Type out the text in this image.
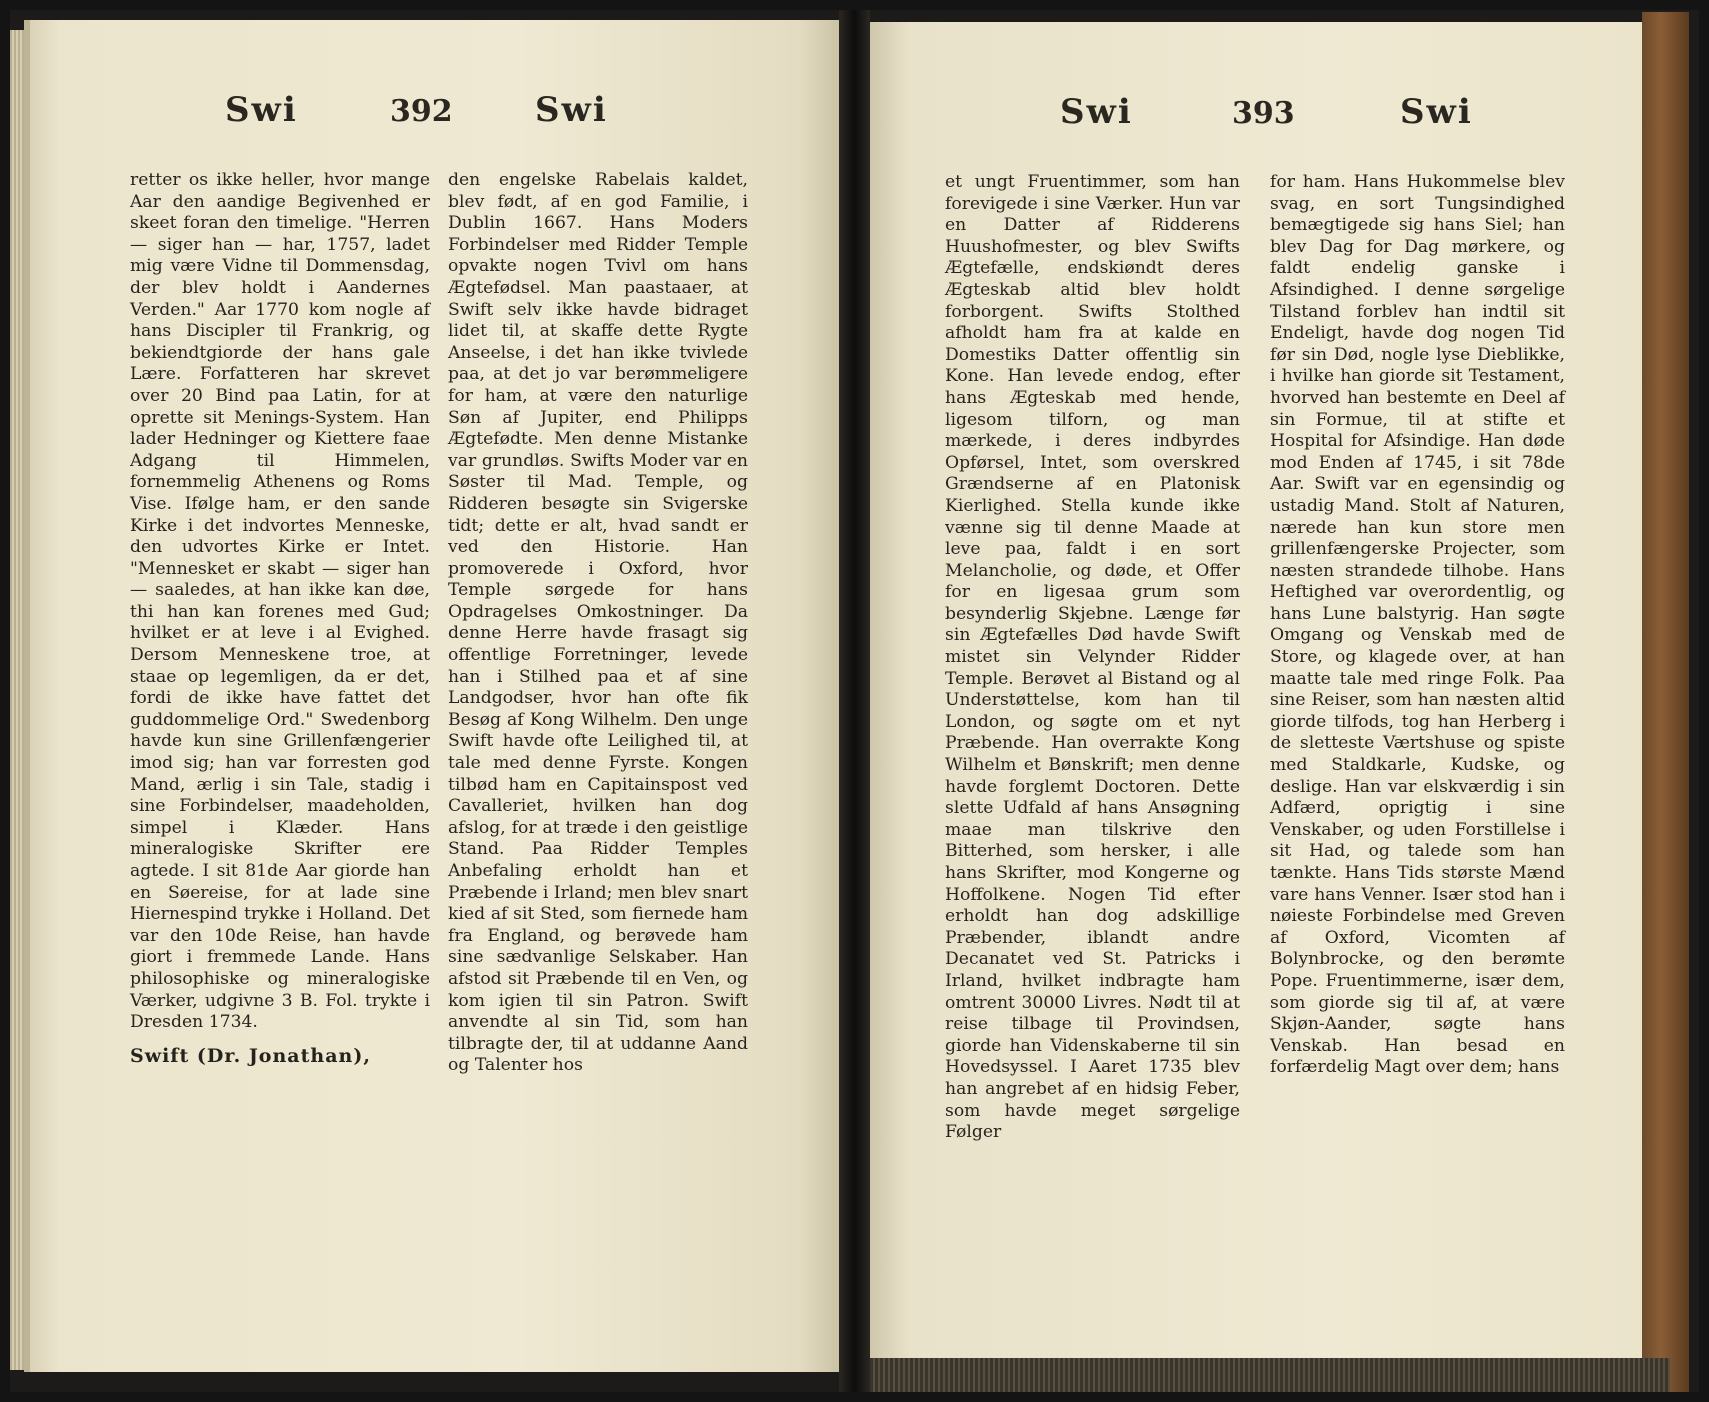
Swi	392 Swi

retter os ikke heller, hvor mange Aar den aandige Begivenhed er skeet foran den timelige. "Herren — siger han — har, 1757, ladet mig være Vidne til Dommensdag, der blev holdt i Aandernes Verden." Aar 1770 kom nogle af hans Discipler til Frankrig, og bekiendtgiorde der hans gale Lære. Forfatteren har skrevet over 20 Bind paa Latin, for at oprette sit Menings-System. Han lader Hedninger og Kiettere faae Adgang til Himmelen, fornemmelig Athenens og Roms Vise. Ifølge ham, er den sande Kirke i det indvortes Menneske, den udvortes Kirke er Intet. "Mennesket er skabt — siger han — saaledes, at han ikke kan døe, thi han kan forenes med Gud; hvilket er at leve i al Evighed. Dersom Menneskene troe, at staae op legemligen, da er det, fordi de ikke have fattet det guddommelige Ord." Swedenborg havde kun sine Grillenfængerier imod sig; han var forresten god Mand, ærlig i sin Tale, stadig i sine Forbindelser, maadeholden, simpel i Klæder. Hans mineralogiske Skrifter ere agtede. I sit 81de Aar giorde han en Søereise, for at lade sine Hiernespind trykke i Holland. Det var den 10de Reise, han havde giort i fremmede Lande. Hans philosophiske og mineralogiske Værker, udgivne 3 B. Fol. trykte i Dresden 1734.

Swift (Dr. Jonathan),

den engelske Rabelais kaldet, blev født, af en god Familie, i Dublin 1667. Hans Moders Forbindelser med Ridder Temple opvakte nogen Tvivl om hans Ægtefødsel. Man paastaaer, at Swift selv ikke havde bidraget lidet til, at skaffe dette Rygte Anseelse, i det han ikke tvivlede paa, at det jo var berømmeligere for ham, at være den naturlige Søn af Jupiter, end Philipps Ægtefødte. Men denne Mistanke var grundløs. Swifts Moder var en Søster til Mad. Temple, og Ridderen besøgte sin Svigerske tidt; dette er alt, hvad sandt er ved den Historie. Han promoverede i Oxford, hvor Temple sørgede for hans Opdragelses Omkostninger. Da denne Herre havde frasagt sig offentlige Forretninger, levede han i Stilhed paa et af sine Landgodser, hvor han ofte fik Besøg af Kong Wilhelm. Den unge Swift havde ofte Leilighed til, at tale med denne Fyrste. Kongen tilbød ham en Capitainspost ved Cavalleriet, hvilken han dog afslog, for at træde i den geistlige Stand. Paa Ridder Temples Anbefaling erholdt han et Præbende i Irland; men blev snart kied af sit Sted, som fiernede ham fra England, og berøvede ham sine sædvanlige Selskaber. Han afstod sit Præbende til en Ven, og kom igien til sin Patron. Swift anvendte al sin Tid, som han tilbragte der, til at uddanne Aand og Talenter hos

Swi	393	Swi

et ungt Fruentimmer, som han forevigede i sine Værker. Hun var en Datter af Ridderens Huushofmester, og blev Swifts Ægtefælle, endskiøndt deres Ægteskab altid blev holdt forborgent. Swifts Stolthed afholdt ham fra at kalde en Domestiks Datter offentlig sin Kone. Han levede endog, efter hans Ægteskab med hende, ligesom tilforn, og man mærkede, i deres indbyrdes Opførsel, Intet, som overskred Grændserne af en Platonisk Kierlighed. Stella kunde ikke vænne sig til denne Maade at leve paa, faldt i en sort Melancholie, og døde, et Offer for en ligesaa grum som besynderlig Skjebne. Længe før sin Ægtefælles Død havde Swift mistet sin Velynder Ridder Temple. Berøvet al Bistand og al Understøttelse, kom han til London, og søgte om et nyt Præbende. Han overrakte Kong Wilhelm et Bønskrift; men denne havde forglemt Doctoren. Dette slette Udfald af hans Ansøgning maae man tilskrive den Bitterhed, som hersker, i alle hans Skrifter, mod Kongerne og Hoffolkene. Nogen Tid efter erholdt han dog adskillige Præbender, iblandt andre Decanatet ved St. Patricks i Irland, hvilket indbragte ham omtrent 30000 Livres. Nødt til at reise tilbage til Provindsen, giorde han Videnskaberne til sin Hovedsyssel. I Aaret 1735 blev han angrebet af en hidsig Feber, som havde meget sørgelige Følger

for ham. Hans Hukommelse blev svag, en sort Tungsindighed bemægtigede sig hans Siel; han blev Dag for Dag mørkere, og faldt endelig ganske i Afsindighed. I denne sørgelige Tilstand forblev han indtil sit Endeligt, havde dog nogen Tid før sin Død, nogle lyse Dieblikke, i hvilke han giorde sit Testament, hvorved han bestemte en Deel af sin Formue, til at stifte et Hospital for Afsindige. Han døde mod Enden af 1745, i sit 78de Aar. Swift var en egensindig og ustadig Mand. Stolt af Naturen, nærede han kun store men grillenfængerske Projecter, som næsten strandede tilhobe. Hans Heftighed var overordentlig, og hans Lune balstyrig. Han søgte Omgang og Venskab med de Store, og klagede over, at han maatte tale med ringe Folk. Paa sine Reiser, som han næsten altid giorde tilfods, tog han Herberg i de sletteste Værtshuse og spiste med Staldkarle, Kudske, og deslige. Han var elskværdig i sin Adfærd, oprigtig i sine Venskaber, og uden Forstillelse i sit Had, og talede som han tænkte. Hans Tids største Mænd vare hans Venner. Især stod han i nøieste Forbindelse med Greven af Oxford, Vicomten af Bolynbrocke, og den berømte Pope. Fruentimmerne, især dem, som giorde sig til af, at være Skjøn-Aander, søgte hans Venskab. Han besad en forfærdelig Magt over dem; hans
